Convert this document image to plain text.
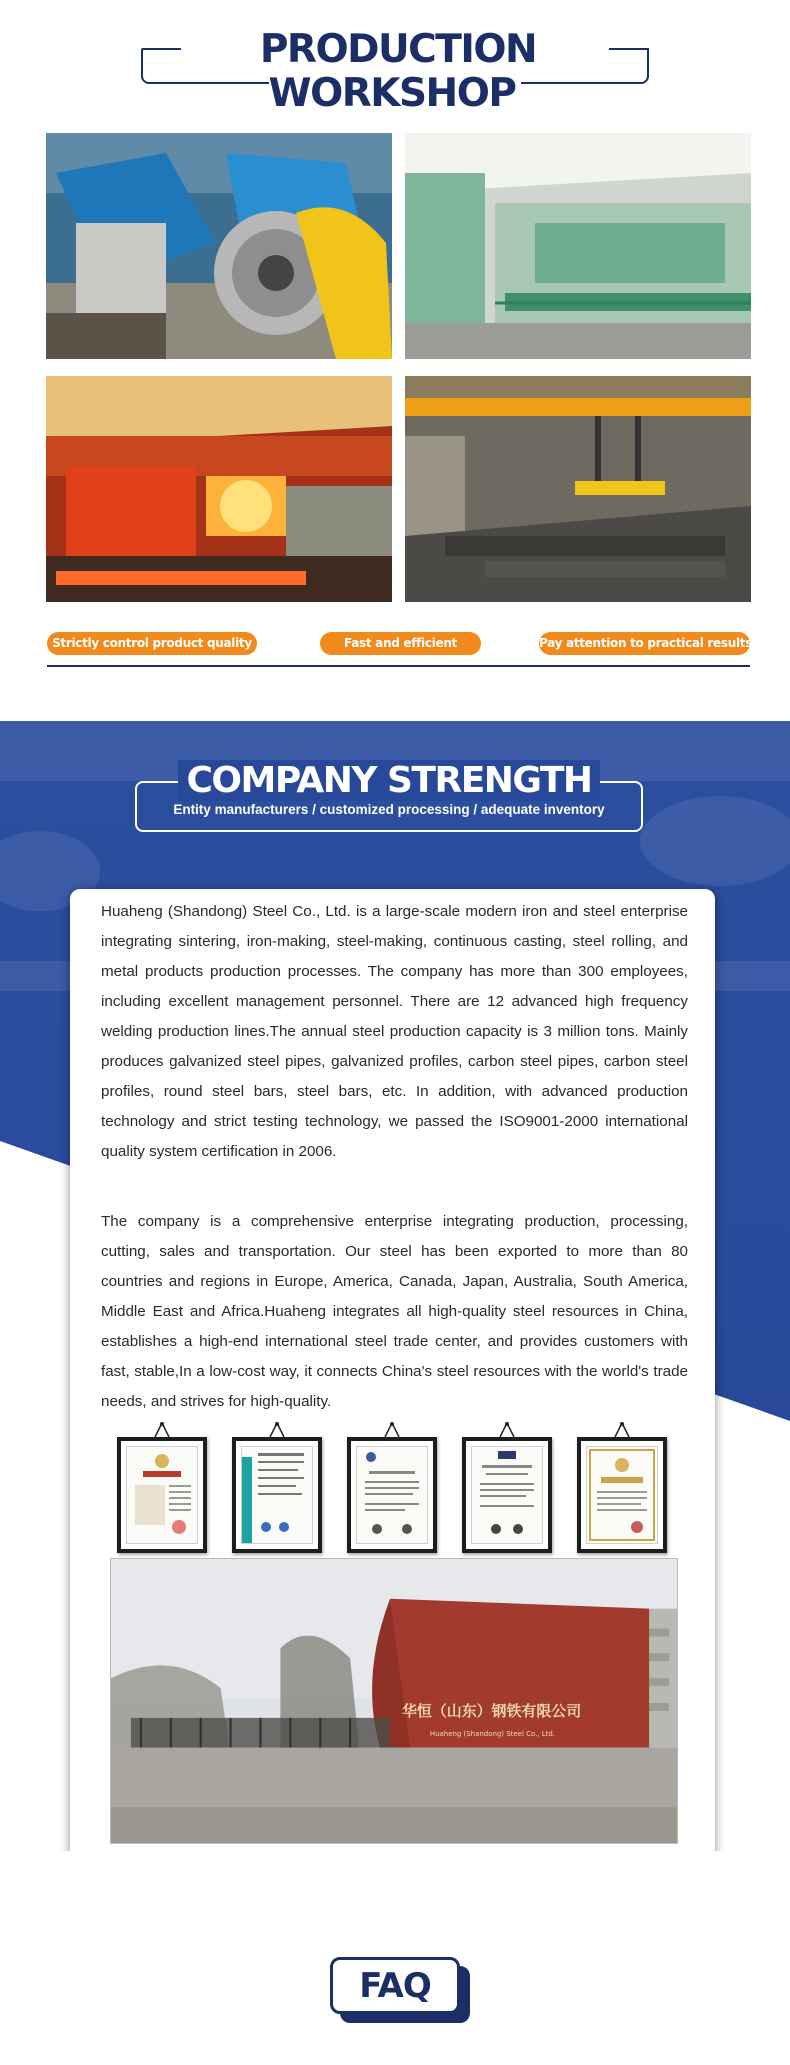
PRODUCTION WORKSHOP
Strictly control product quality	Fast and efficient	Pay attention to practical results
COMPANY STRENGTH
Entity manufacturers / customized processing / adequate inventory

Huaheng (Shandong) Steel Co., Ltd. is a large-scale modern iron and steel enterprise integrating sintering, iron-making, steel-making, continuous casting, steel rolling, and metal products production processes. The company has more than 300 employees, including excellent management personnel. There are 12 advanced high frequency welding production lines.The annual steel production capacity is 3 million tons. Mainly produces galvanized steel pipes, galvanized profiles, carbon steel pipes, carbon steel profiles, round steel bars, steel bars, etc. In addition, with advanced production technology and strict testing technology, we passed the ISO9001-2000 international quality system certification in 2006.

The company is a comprehensive enterprise integrating production, processing, cutting, sales and transportation. Our steel has been exported to more than 80 countries and regions in Europe, America, Canada, Japan, Australia, South America, Middle East and Africa.Huaheng integrates all high-quality steel resources in China, establishes a high-end international steel trade center, and provides customers with fast, stable,In a low-cost way, it connects China's steel resources with the world's trade needs, and strives for high-quality.

华恒（山东）钢铁有限公司
Huaheng (Shandong) Steel Co., Ltd.
FAQ
